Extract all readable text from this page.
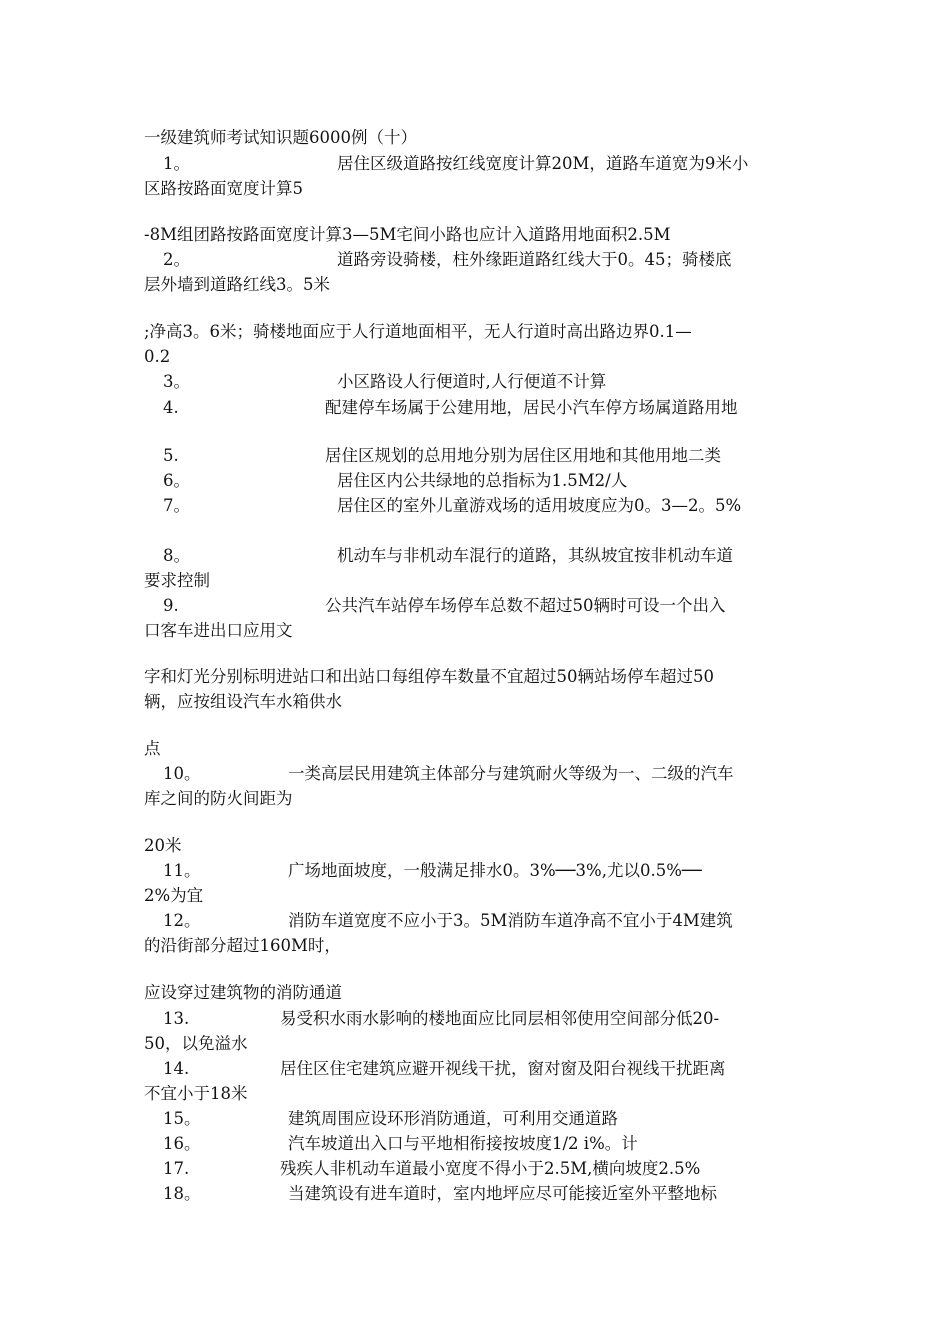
一级建筑师考试知识题6000例（十）
1。	居住区级道路按红线宽度计算20M，道路车道宽为9米小
区路按路面宽度计算5
-8M组团路按路面宽度计算3—5M宅间小路也应计入道路用地面积2.5M
2。	道路旁设骑楼，柱外缘距道路红线大于0。45；骑楼底
层外墙到道路红线3。5米
;净高3。6米；骑楼地面应于人行道地面相平，无人行道时高出路边界0.1—
0.2
3。	小区路设人行便道时,人行便道不计算
4.	配建停车场属于公建用地，居民小汽车停方场属道路用地
5.	居住区规划的总用地分别为居住区用地和其他用地二类
6。	居住区内公共绿地的总指标为1.5M2/人
7。	居住区的室外儿童游戏场的适用坡度应为0。3—2。5%
8。	机动车与非机动车混行的道路，其纵坡宜按非机动车道
要求控制
9.	公共汽车站停车场停车总数不超过50辆时可设一个出入
口客车进出口应用文
字和灯光分别标明进站口和出站口每组停车数量不宜超过50辆站场停车超过50
辆，应按组设汽车水箱供水
点
10。	一类高层民用建筑主体部分与建筑耐火等级为一、二级的汽车
库之间的防火间距为
20米
11。	广场地面坡度，一般满足排水0。3%──3%,尤以0.5%──
2%为宜
12。	消防车道宽度不应小于3。5M消防车道净高不宜小于4M建筑
的沿街部分超过160M时，
应设穿过建筑物的消防通道
13.	易受积水雨水影响的楼地面应比同层相邻使用空间部分低20-
50，以免溢水
14.	居住区住宅建筑应避开视线干扰，窗对窗及阳台视线干扰距离
不宜小于18米
15。	建筑周围应设环形消防通道，可利用交通道路
16。	汽车坡道出入口与平地相衔接按坡度1/2 i%。计
17.	残疾人非机动车道最小宽度不得小于2.5M,横向坡度2.5%
18。	当建筑设有进车道时，室内地坪应尽可能接近室外平整地标
